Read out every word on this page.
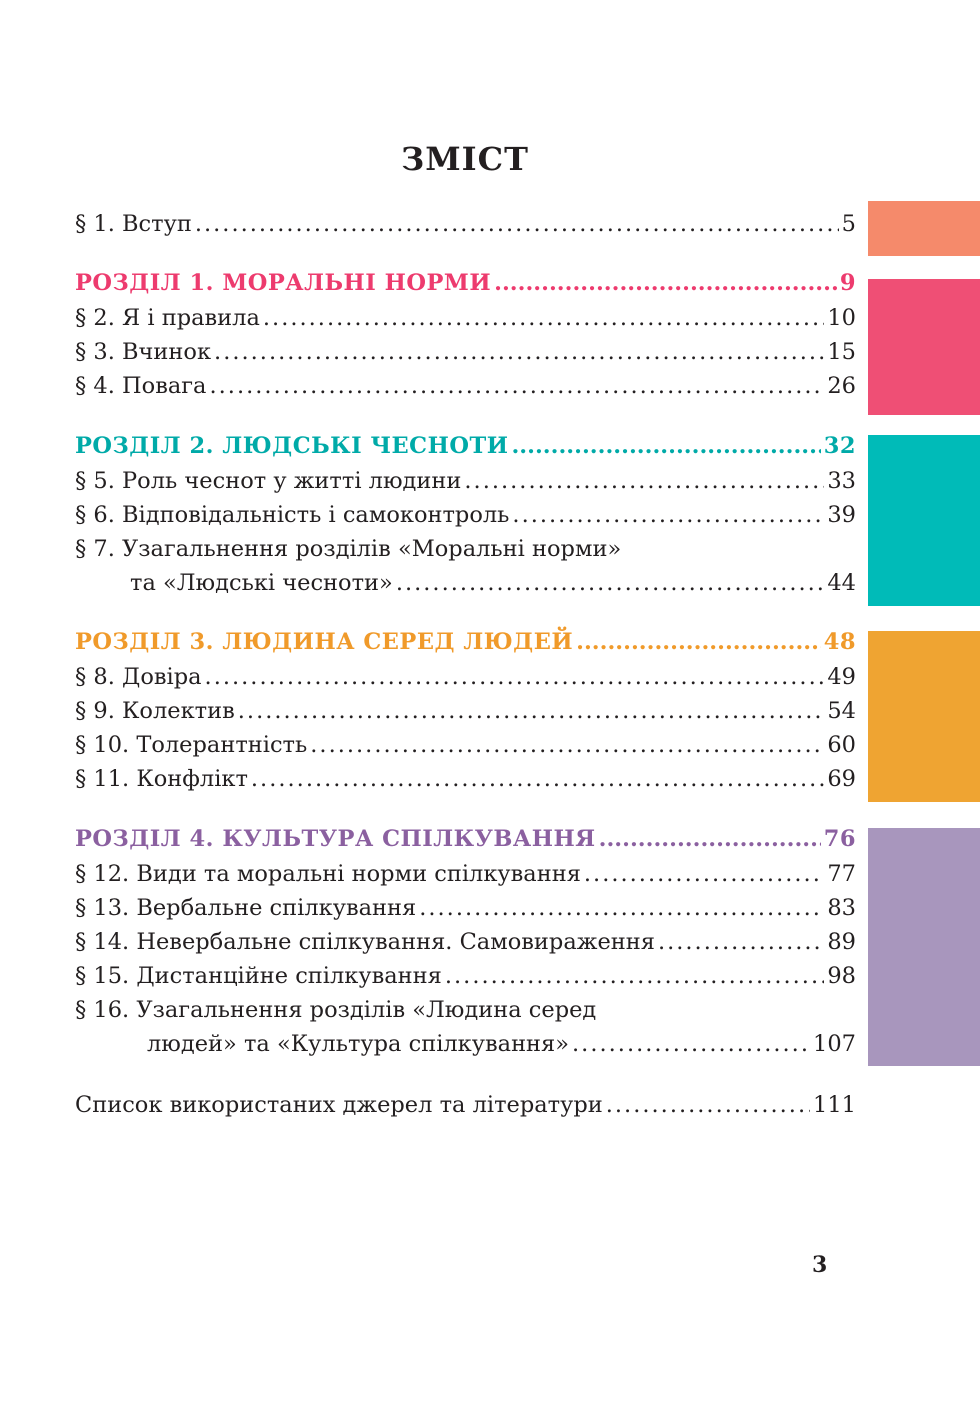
ЗМІСТ
§ 1. Вступ .....	5
РОЗДІЛ 1. МОРАЛЬНІ НОРМИ .....	9
§ 2. Я і правила .....	10
§ 3. Вчинок .....	15
§ 4. Повага .....	26
РОЗДІЛ 2. ЛЮДСЬКІ ЧЕСНОТИ .....	32
§ 5. Роль чеснот у житті людини .....	33
§ 6. Відповідальність і самоконтроль .....	39
§ 7. Узагальнення розділів «Моральні норми»
та «Людські чесноти» .....	44
РОЗДІЛ 3. ЛЮДИНА СЕРЕД ЛЮДЕЙ .....	48
§ 8. Довіра .....	49
§ 9. Колектив .....	54
§ 10. Толерантність .....	60
§ 11. Конфлікт .....	69
РОЗДІЛ 4. КУЛЬТУРА СПІЛКУВАННЯ .....	76
§ 12. Види та моральні норми спілкування .....	77
§ 13. Вербальне спілкування .....	83
§ 14. Невербальне спілкування. Самовираження .....	89
§ 15. Дистанційне спілкування .....	98
§ 16. Узагальнення розділів «Людина серед
людей» та «Культура спілкування» .....	107
Список використаних джерел та літератури .....	111
3
